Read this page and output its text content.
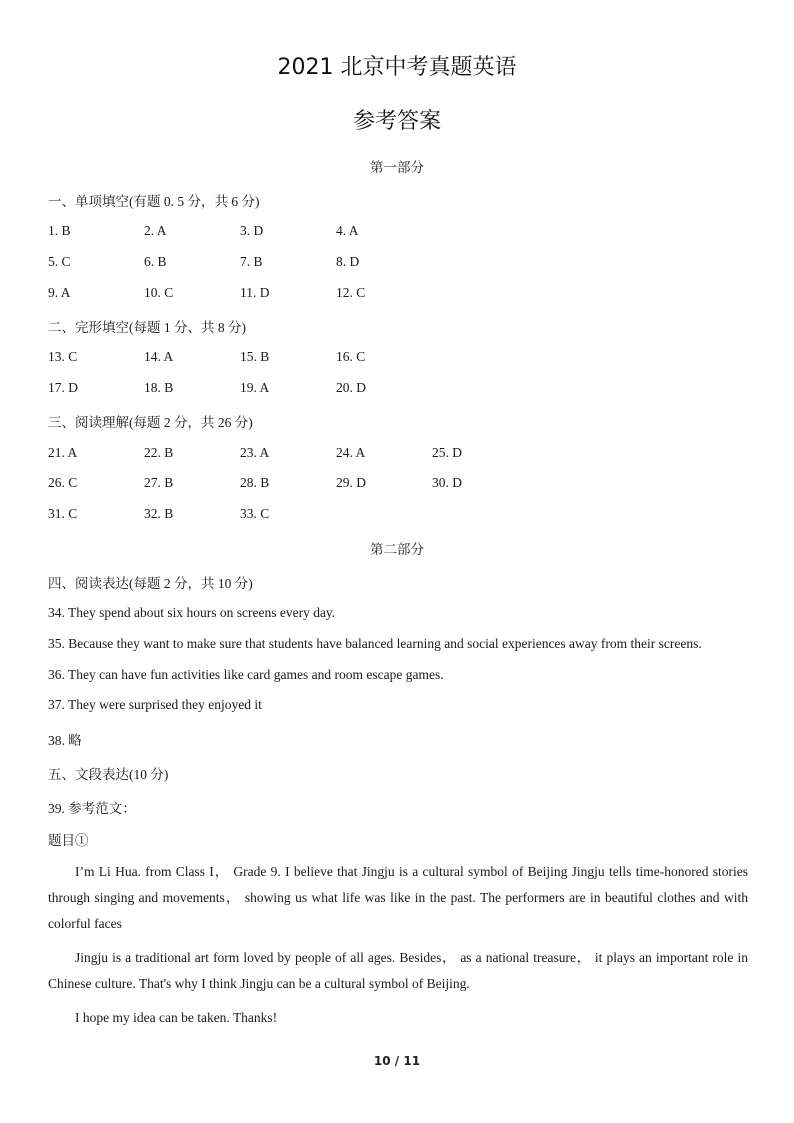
2021 北京中考真题英语
参考答案
第一部分
一、单项填空(有题 0. 5 分，共 6 分)
1. B	2. A	3. D	4. A
5. C	6. B	7. B	8. D
9. A	10. C	11. D	12. C
二、完形填空(每题 1 分、共 8 分)
13. C	14. A	15. B	16. C
17. D	18. B	19. A	20. D
三、阅读理解(每题 2 分，共 26 分)
21. A	22. B	23. A	24. A	25. D
26. C	27. B	28. B	29. D	30. D
31. C	32. B	33. C
第二部分
四、阅读表达(每题 2 分，共 10 分)
34. They spend about six hours on screens every day.
35. Because they want to make sure that students have balanced learning and social experiences away from their screens.
36. They can have fun activities like card games and room escape games.
37. They were surprised they enjoyed it
38. 略
五、文段表达(10 分)
39. 参考范文：
题目①
I’m Li Hua. from Class I， Grade 9. I believe that Jingju is a cultural symbol of Beijing Jingju tells time-honored stories through singing and movements， showing us what life was like in the past. The performers are in beautiful clothes and with colorful faces
Jingju is a traditional art form loved by people of all ages. Besides， as a national treasure， it plays an important role in Chinese culture. That's why I think Jingju can be a cultural symbol of Beijing.
I hope my idea can be taken. Thanks!
10 / 11
